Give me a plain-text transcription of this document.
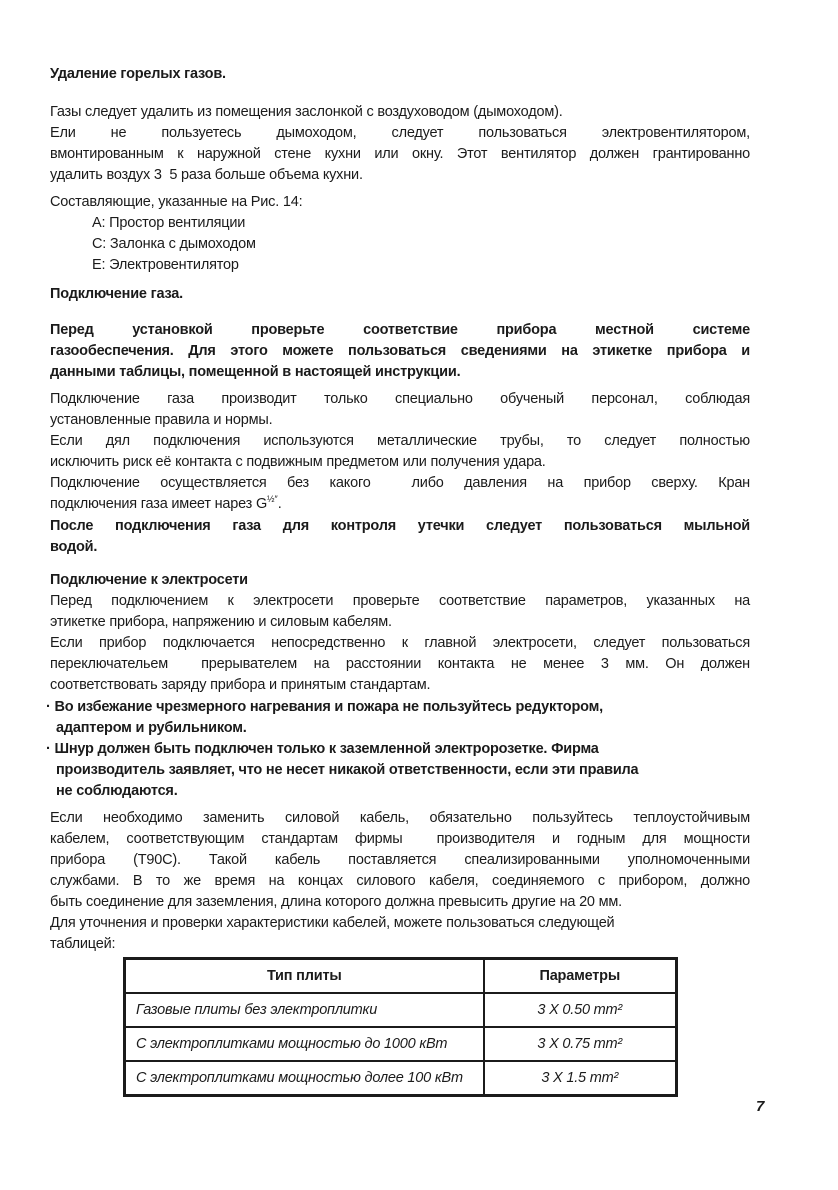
Удаление горелых газов.
Газы следует удалить из помещения заслонкой с воздуховодом (дымоходом).
Ели не пользуетесь дымоходом, следует пользоваться электровентилятором,
вмонтированным к наружной стене кухни или окну. Этот вентилятор должен грантированно
удалить воздух 3  5 раза больше объема кухни.
Составляющие, указанные на Рис. 14:
A: Простор вентиляции
C: Залонка с дымоходом
E: Электровентилятор
Подключение газа.
Перед установкой проверьте соответствие прибора местной системе
газообеспечения. Для этого можете пользоваться сведениями на этикетке прибора и
данными таблицы, помещенной в настоящей инструкции.
Подключение газа производит только специально обученый персонал, соблюдая
установленные правила и нормы.
Если дял подключения используются металлические трубы, то следует полностью
исключить риск её контакта с подвижным предметом или получения удара.
Подключение осуществляется без какого  либо давления на прибор сверху. Кран
подключения газа имеет нарез $G^{\frac{1}{2}''}$.
После подключения газа для контроля утечки следует пользоваться мыльной
водой.
Подключение к электросети
Перед подключением к электросети проверьте соответствие параметров, указанных на
этикетке прибора, напряжению и силовым кабелям.
Если прибор подключается непосредственно к главной электросети, следует пользоваться
переключательем  прерывателем на расстоянии контакта не менее 3 мм. Он должен
соответствовать заряду прибора и принятым стандартам.
· Во избежание чрезмерного нагревания и пожара не пользуйтесь редуктором,
адаптером и рубильником.
· Шнур должен быть подключен только к заземленной электророзетке. Фирма
производитель заявляет, что не несет никакой ответственности, если эти правила
не соблюдаются.
Если необходимо заменить силовой кабель, обязательно пользуйтесь теплоустойчивым
кабелем, соответствующим стандартам фирмы  производителя и годным для мощности
прибора (Т90С). Такой кабель поставляется спеализированными уполномоченными
службами. В то же время на концах силового кабеля, соединяемого с прибором, должно
быть соединение для заземления, длина которого должна превысить другие на 20 мм.
Для уточнения и проверки характеристики кабелей, можете пользоваться следующей
таблицей:
Тип плиты	Параметры
Газовые плиты без электроплитки	3 X 0.50 mm²
С электроплитками мощностью до 1000 кВт	3 X 0.75 mm²
С электроплитками мощностью долее 100 кВт	3 X 1.5 mm²
7
